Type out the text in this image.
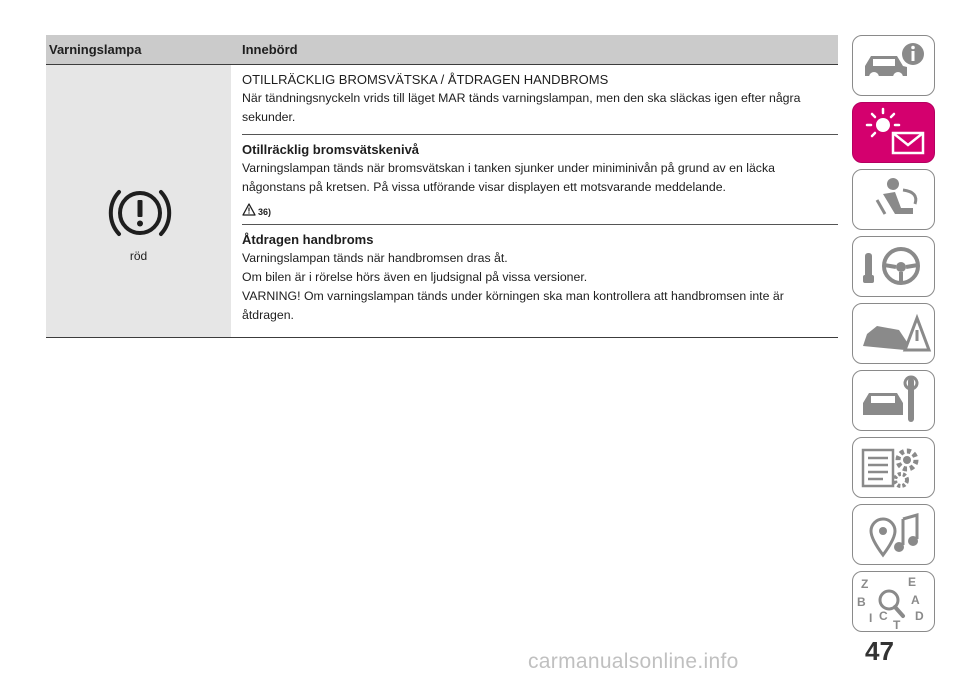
Varningslampa	Innebörd
röd
OTILLRÄCKLIG BROMSVÄTSKA / ÅTDRAGEN HANDBROMS

När tändningsnyckeln vrids till läget MAR tänds varningslampan, men den ska släckas igen efter några sekunder.

Otillräcklig bromsvätskenivå

Varningslampan tänds när bromsvätskan i tanken sjunker under miniminivån på grund av en läcka någonstans på kretsen. På vissa utförande visar displayen ett motsvarande meddelande.

36)
Åtdragen handbroms

Varningslampan tänds när handbromsen dras åt.

Om bilen är i rörelse hörs även en ljudsignal på vissa versioner.

VARNING! Om varningslampan tänds under körningen ska man kontrollera att handbromsen inte är åtdragen.

Z	E
B	A
I C
T
D
47
carmanualsonline.info
